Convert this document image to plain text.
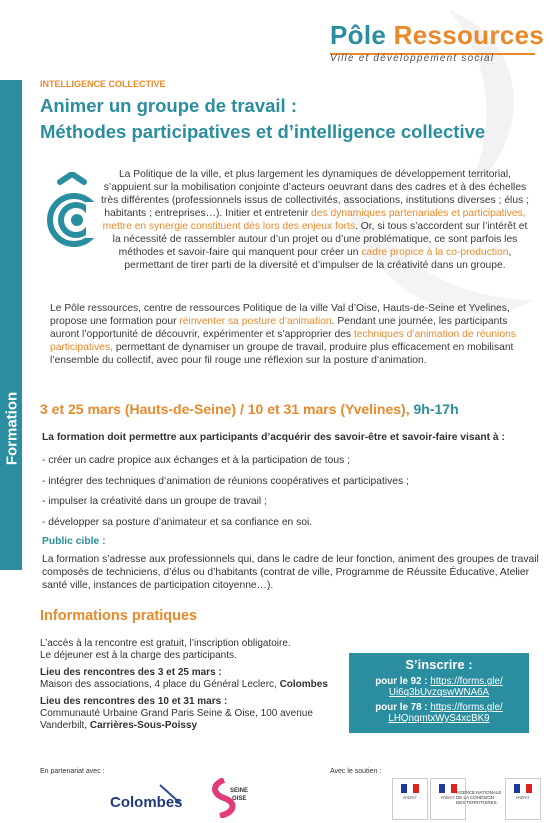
Pôle Ressources
Ville et développement social
Formation
INTELLIGENCE COLLECTIVE
Animer un groupe de travail :
Méthodes participatives et d’intelligence collective
La Politique de la ville, et plus largement les dynamiques de développement territorial, s’appuient sur la mobilisation conjointe d’acteurs oeuvrant dans des cadres et à des échelles très différentes (professionnels issus de collectivités, associations, institutions diverses ; élus ; habitants ; entreprises…). Initier et entretenir des dynamiques partenariales et participatives, mettre en synergie constituent dès lors des enjeux forts. Or, si tous s’accordent sur l’intérêt et la nécessité de rassembler autour d’un projet ou d’une problématique, ce sont parfois les méthodes et savoir-faire qui manquent pour créer un cadre propice à la co-production, permettant de tirer parti de la diversité et d’impulser de la créativité dans un groupe.
Le Pôle ressources, centre de ressources Politique de la ville Val d’Oise, Hauts-de-Seine et Yvelines, propose une formation pour réinventer sa posture d’animation. Pendant une journée, les participants auront l’opportunité de découvrir, expérimenter et s’approprier des techniques d’animation de réunions participatives, permettant de dynamiser un groupe de travail, produire plus efficacement en mobilisant l’ensemble du collectif, avec pour fil rouge une réflexion sur la posture d’animation.
3 et 25 mars (Hauts-de-Seine) / 10 et 31 mars (Yvelines), 9h-17h
La formation doit permettre aux participants d’acquérir des savoir-être et savoir-faire visant à :
- créer un cadre propice aux échanges et à la participation de tous ;
- intégrer des techniques d’animation de réunions coopératives et participatives ;
- impulser la créativité dans un groupe de travail ;
- développer sa posture d’animateur et sa confiance en soi.
Public cible :
La formation s’adresse aux professionnels qui, dans le cadre de leur fonction, animent des groupes de travail composés de techniciens, d’élus ou d’habitants (contrat de ville, Programme de Réussite Éducative, Atelier santé ville, instances de participation citoyenne…).
Informations pratiques
L’accès à la rencontre est gratuit, l’inscription obligatoire.
Le déjeuner est à la charge des participants.
Lieu des rencontres des 3 et 25 mars :
Maison des associations, 4 place du Général Leclerc, Colombes
Lieu des rencontres des 10 et 31 mars :
Communauté Urbaine Grand Paris Seine & Oise, 100 avenue Vanderbilt, Carrières-Sous-Poissy
S’inscrire :
pour le 92 : https://forms.gle/
Ui6q3bUvzqswWNA6A
pour le 78 : https://forms.gle/
LHQnqmtxWyS4xcBK9
En partenariat avec :	Avec le soutien :
Colombes
SEINE
OISE	PRÉFET	PRÉFET
AGENCE NATIONALE DE LA COHÉSION DES TERRITOIRES
PRÉFET
